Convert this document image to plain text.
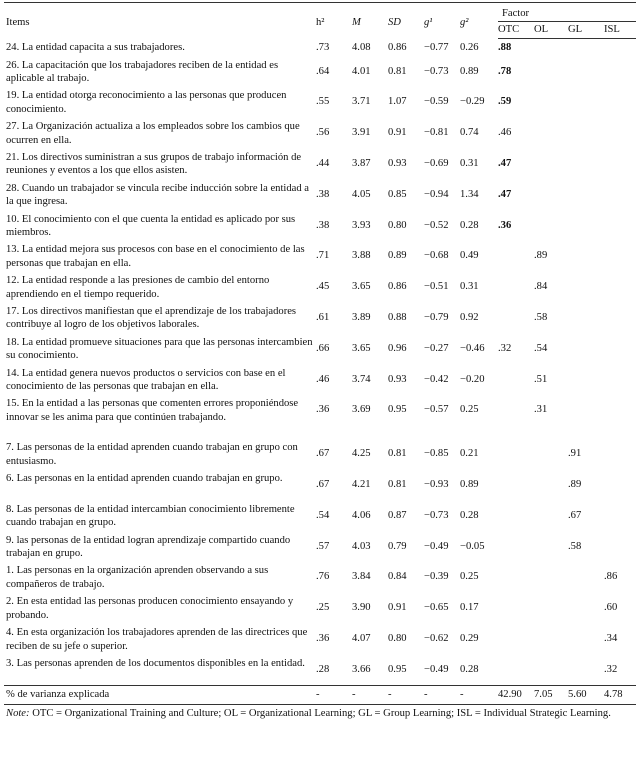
Items	h²	M	SD	g¹	g²	Factor			
						OTC	OL	GL	ISL
24. La entidad capacita a sus trabajadores.	.73	4.08	0.86	−0.77	0.26	.88			
26. La capacitación que los trabajadores reciben de la entidad es aplicable al trabajo.	.64	4.01	0.81	−0.73	0.89	.78			
19. La entidad otorga reconocimiento a las personas que producen conocimiento.	.55	3.71	1.07	−0.59	−0.29	.59			
27. La Organización actualiza a los empleados sobre los cambios que ocurren en ella.	.56	3.91	0.91	−0.81	0.74	.46			
21. Los directivos suministran a sus grupos de trabajo información de reuniones y eventos a los que ellos asisten.	.44	3.87	0.93	−0.69	0.31	.47			
28. Cuando un trabajador se vincula recibe inducción sobre la entidad a la que ingresa.	.38	4.05	0.85	−0.94	1.34	.47			
10. El conocimiento con el que cuenta la entidad es aplicado por sus miembros.	.38	3.93	0.80	−0.52	0.28	.36			
13. La entidad mejora sus procesos con base en el conocimiento de las personas que trabajan en ella.	.71	3.88	0.89	−0.68	0.49		.89		
12. La entidad responde a las presiones de cambio del entorno aprendiendo en el tiempo requerido.	.45	3.65	0.86	−0.51	0.31		.84		
17. Los directivos manifiestan que el aprendizaje de los trabajadores contribuye al logro de los objetivos laborales.	.61	3.89	0.88	−0.79	0.92		.58		
18. La entidad promueve situaciones para que las personas intercambien su conocimiento.	.66	3.65	0.96	−0.27	−0.46	.32	.54		
14. La entidad genera nuevos productos o servicios con base en el conocimiento de las personas que trabajan en ella.	.46	3.74	0.93	−0.42	−0.20		.51		
15. En la entidad a las personas que comenten errores proponiéndose innovar se les anima para que continúen trabajando.	.36	3.69	0.95	−0.57	0.25		.31		
7. Las personas de la entidad aprenden cuando trabajan en grupo con entusiasmo.	.67	4.25	0.81	−0.85	0.21			.91	
6. Las personas en la entidad aprenden cuando trabajan en grupo.	.67	4.21	0.81	−0.93	0.89			.89	
8. Las personas de la entidad intercambian conocimiento libremente cuando trabajan en grupo.	.54	4.06	0.87	−0.73	0.28			.67	
9. las personas de la entidad logran aprendizaje compartido cuando trabajan en grupo.	.57	4.03	0.79	−0.49	−0.05			.58	
1. Las personas en la organización aprenden observando a sus compañeros de trabajo.	.76	3.84	0.84	−0.39	0.25				.86
2. En esta entidad las personas producen conocimiento ensayando y probando.	.25	3.90	0.91	−0.65	0.17				.60
4. En esta organización los trabajadores aprenden de las directrices que reciben de su jefe o superior.	.36	4.07	0.80	−0.62	0.29				.34
3. Las personas aprenden de los documentos disponibles en la entidad.	.28	3.66	0.95	−0.49	0.28				.32
% de varianza explicada	-	-	-	-	-	42.90	7.05	5.60	4.78
Note: OTC = Organizational Training and Culture; OL = Organizational Learning; GL = Group Learning; ISL = Individual Strategic Learning.
